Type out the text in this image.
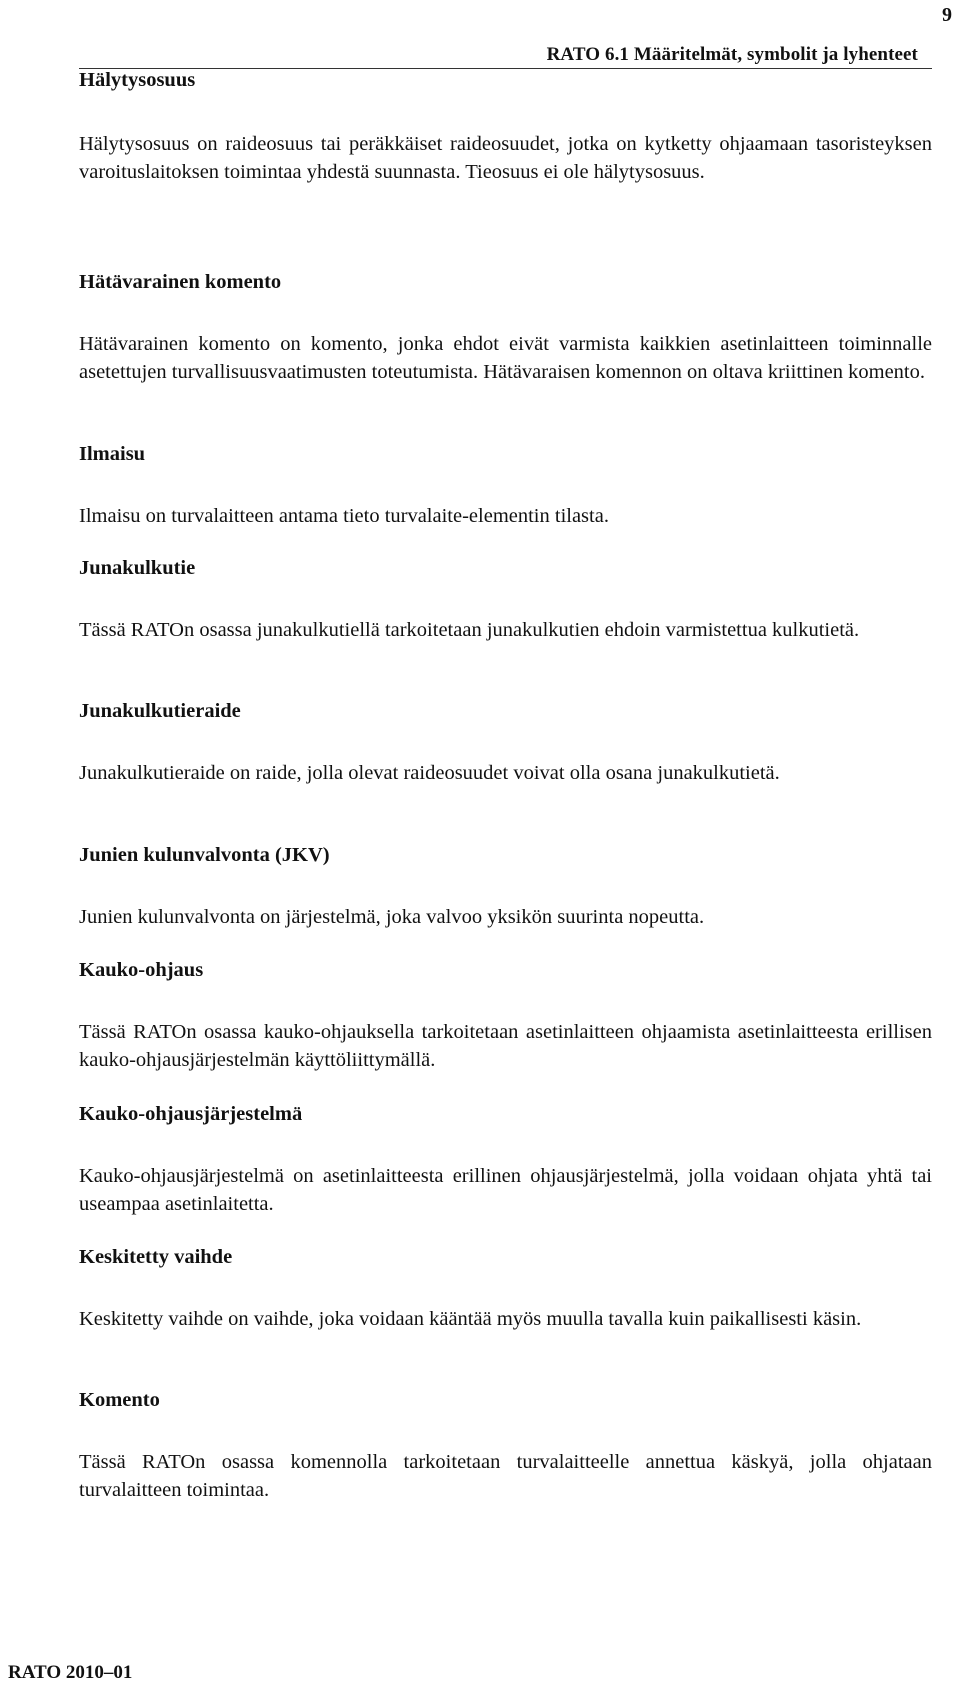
9
RATO 6.1 Määritelmät, symbolit ja lyhenteet

Hälytysosuus

Hälytysosuus on raideosuus tai peräkkäiset raideosuudet, jotka on kytketty ohjaamaan tasoristeyksen varoituslaitoksen toimintaa yhdestä suunnasta. Tieosuus ei ole hälytysosuus.

Hätävarainen komento

Hätävarainen komento on komento, jonka ehdot eivät varmista kaikkien asetinlaitteen toiminnalle asetettujen turvallisuusvaatimusten toteutumista. Hätävaraisen komennon on oltava kriittinen komento.

Ilmaisu

Ilmaisu on turvalaitteen antama tieto turvalaite-elementin tilasta.

Junakulkutie

Tässä RATOn osassa junakulkutiellä tarkoitetaan junakulkutien ehdoin varmistettua kulkutietä.

Junakulkutieraide

Junakulkutieraide on raide, jolla olevat raideosuudet voivat olla osana junakulkutietä.

Junien kulunvalvonta (JKV)

Junien kulunvalvonta on järjestelmä, joka valvoo yksikön suurinta nopeutta.

Kauko-ohjaus

Tässä RATOn osassa kauko-ohjauksella tarkoitetaan asetinlaitteen ohjaamista asetinlaitteesta erillisen kauko-ohjausjärjestelmän käyttöliittymällä.

Kauko-ohjausjärjestelmä

Kauko-ohjausjärjestelmä on asetinlaitteesta erillinen ohjausjärjestelmä, jolla voidaan ohjata yhtä tai useampaa asetinlaitetta.

Keskitetty vaihde

Keskitetty vaihde on vaihde, joka voidaan kääntää myös muulla tavalla kuin paikallisesti käsin.

Komento

Tässä RATOn osassa komennolla tarkoitetaan turvalaitteelle annettua käskyä, jolla ohjataan turvalaitteen toimintaa.

RATO 2010–01
